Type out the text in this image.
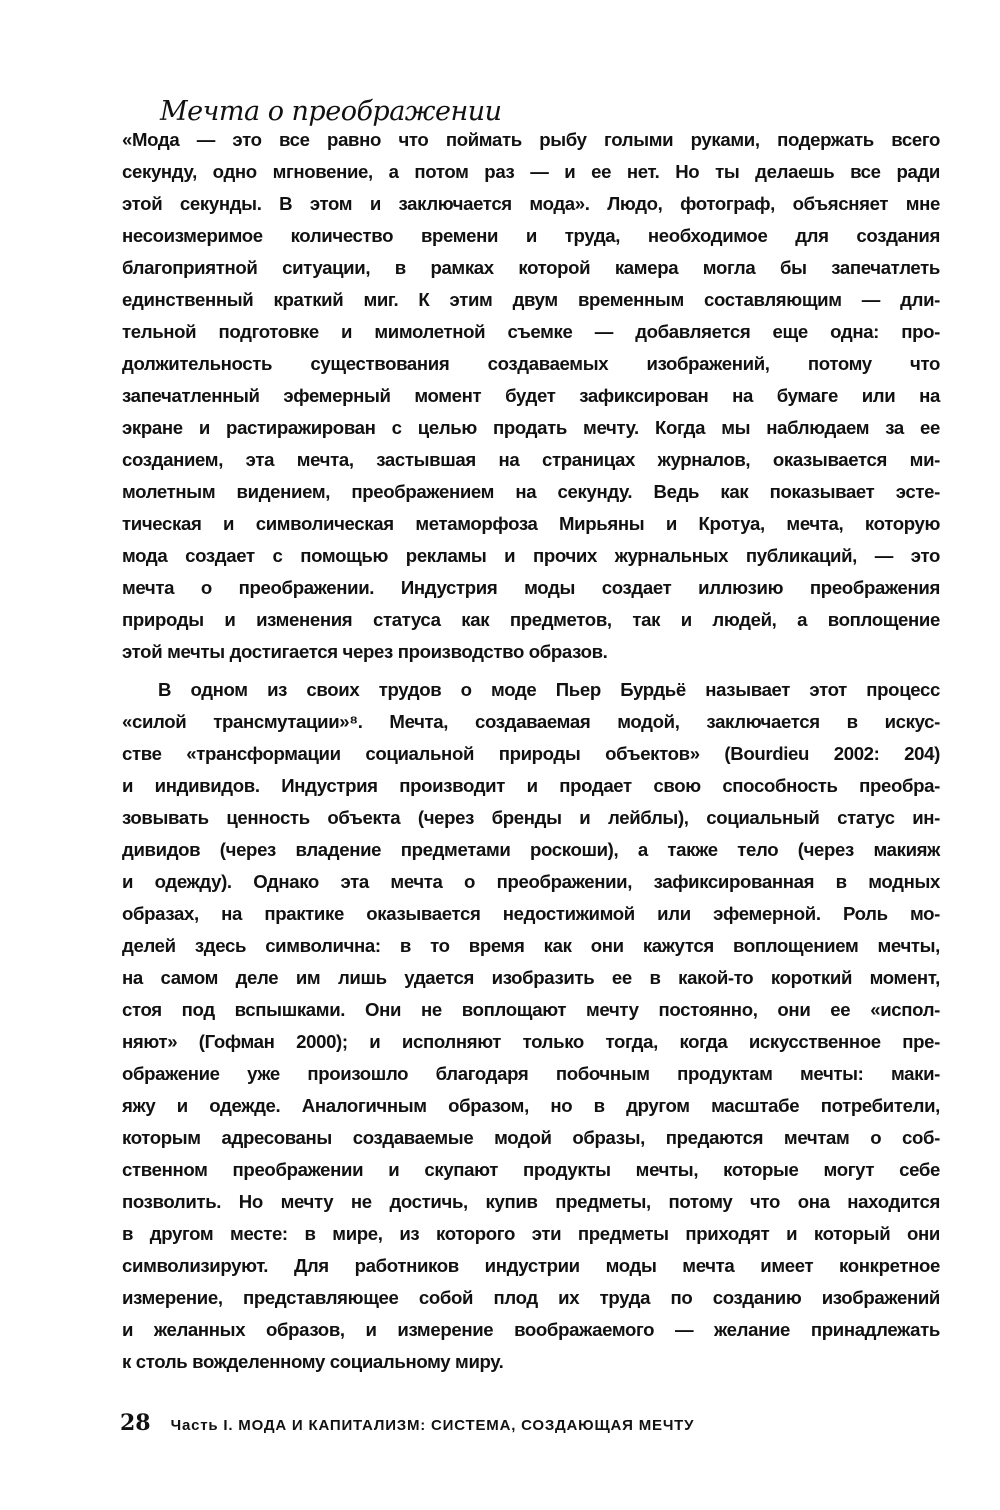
Мечта о преображении
«Мода — это все равно что поймать рыбу голыми руками, подержать всего
секунду, одно мгновение, а потом раз — и ее нет. Но ты делаешь все ради
этой секунды. В этом и заключается мода». Людо, фотограф, объясняет мне
несоизмеримое количество времени и труда, необходимое для создания
благоприятной ситуации, в рамках которой камера могла бы запечатлеть
единственный краткий миг. К этим двум временным составляющим — дли-
тельной подготовке и мимолетной съемке — добавляется еще одна: про-
должительность существования создаваемых изображений, потому что
запечатленный эфемерный момент будет зафиксирован на бумаге или на
экране и растиражирован с целью продать мечту. Когда мы наблюдаем за ее
созданием, эта мечта, застывшая на страницах журналов, оказывается ми-
молетным видением, преображением на секунду. Ведь как показывает эсте-
тическая и символическая метаморфоза Мирьяны и Кротуа, мечта, которую
мода создает с помощью рекламы и прочих журнальных публикаций, — это
мечта о преображении. Индустрия моды создает иллюзию преображения
природы и изменения статуса как предметов, так и людей, а воплощение
этой мечты достигается через производство образов.
В одном из своих трудов о моде Пьер Бурдьё называет этот процесс
«силой трансмутации»⁸. Мечта, создаваемая модой, заключается в искус-
стве «трансформации социальной природы объектов» (Bourdieu 2002: 204)
и индивидов. Индустрия производит и продает свою способность преобра-
зовывать ценность объекта (через бренды и лейблы), социальный статус ин-
дивидов (через владение предметами роскоши), а также тело (через макияж
и одежду). Однако эта мечта о преображении, зафиксированная в модных
образах, на практике оказывается недостижимой или эфемерной. Роль мо-
делей здесь символична: в то время как они кажутся воплощением мечты,
на самом деле им лишь удается изобразить ее в какой-то короткий момент,
стоя под вспышками. Они не воплощают мечту постоянно, они ее «испол-
няют» (Гофман 2000); и исполняют только тогда, когда искусственное пре-
ображение уже произошло благодаря побочным продуктам мечты: маки-
яжу и одежде. Аналогичным образом, но в другом масштабе потребители,
которым адресованы создаваемые модой образы, предаются мечтам о соб-
ственном преображении и скупают продукты мечты, которые могут себе
позволить. Но мечту не достичь, купив предметы, потому что она находится
в другом месте: в мире, из которого эти предметы приходят и который они
символизируют. Для работников индустрии моды мечта имеет конкретное
измерение, представляющее собой плод их труда по созданию изображений
и желанных образов, и измерение воображаемого — желание принадлежать
к столь вожделенному социальному миру.
28 Часть I. МОДА И КАПИТАЛИЗМ: СИСТЕМА, СОЗДАЮЩАЯ МЕЧТУ
